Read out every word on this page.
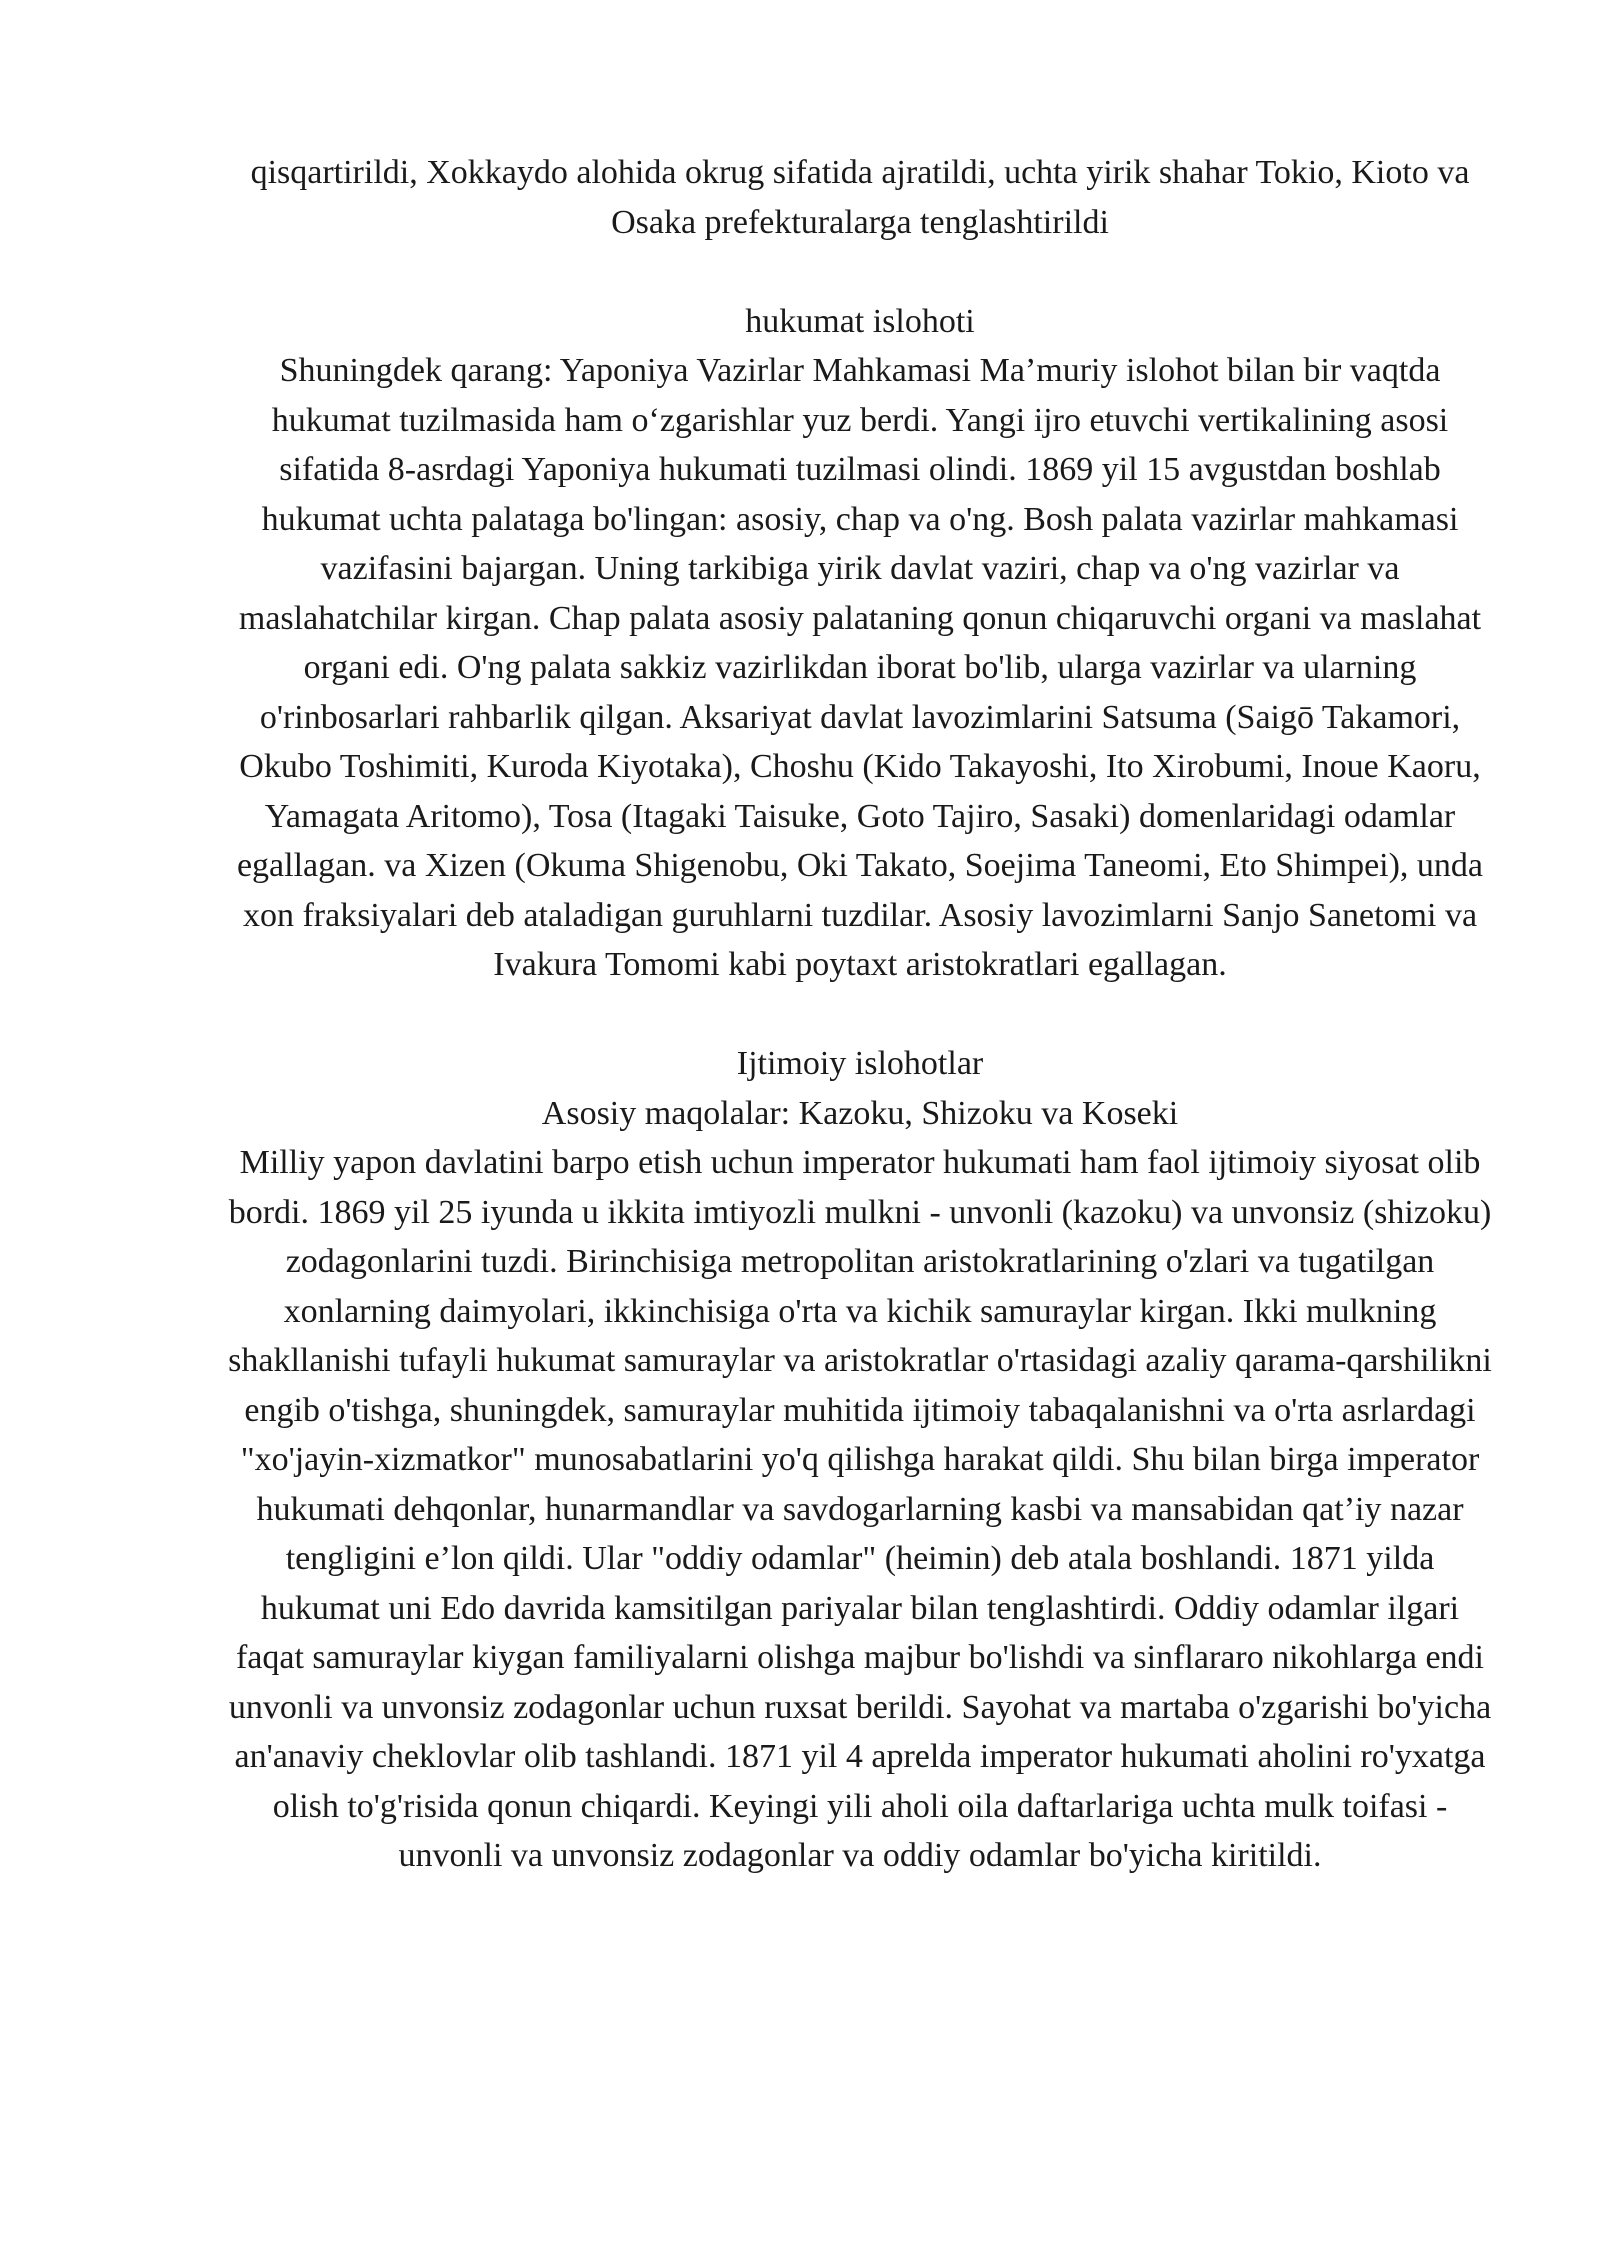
qisqartirildi, Xokkaydo alohida okrug sifatida ajratildi, uchta yirik shahar Tokio, Kioto va Osaka prefekturalarga tenglashtirildi

hukumat islohoti

Shuningdek qarang: Yaponiya Vazirlar Mahkamasi Ma’muriy islohot bilan bir vaqtda hukumat tuzilmasida ham o‘zgarishlar yuz berdi. Yangi ijro etuvchi vertikalining asosi sifatida 8-asrdagi Yaponiya hukumati tuzilmasi olindi. 1869 yil 15 avgustdan boshlab hukumat uchta palataga bo'lingan: asosiy, chap va o'ng. Bosh palata vazirlar mahkamasi vazifasini bajargan. Uning tarkibiga yirik davlat vaziri, chap va o'ng vazirlar va maslahatchilar kirgan. Chap palata asosiy palataning qonun chiqaruvchi organi va maslahat organi edi. O'ng palata sakkiz vazirlikdan iborat bo'lib, ularga vazirlar va ularning o'rinbosarlari rahbarlik qilgan. Aksariyat davlat lavozimlarini Satsuma (Saigō Takamori, Okubo Toshimiti, Kuroda Kiyotaka), Choshu (Kido Takayoshi, Ito Xirobumi, Inoue Kaoru, Yamagata Aritomo), Tosa (Itagaki Taisuke, Goto Tajiro, Sasaki) domenlaridagi odamlar egallagan. va Xizen (Okuma Shigenobu, Oki Takato, Soejima Taneomi, Eto Shimpei), unda xon fraksiyalari deb ataladigan guruhlarni tuzdilar. Asosiy lavozimlarni Sanjo Sanetomi va Ivakura Tomomi kabi poytaxt aristokratlari egallagan.

Ijtimoiy islohotlar

Asosiy maqolalar: Kazoku, Shizoku va Koseki

Milliy yapon davlatini barpo etish uchun imperator hukumati ham faol ijtimoiy siyosat olib bordi. 1869 yil 25 iyunda u ikkita imtiyozli mulkni - unvonli (kazoku) va unvonsiz (shizoku) zodagonlarini tuzdi. Birinchisiga metropolitan aristokratlarining o'zlari va tugatilgan xonlarning daimyolari, ikkinchisiga o'rta va kichik samuraylar kirgan. Ikki mulkning shakllanishi tufayli hukumat samuraylar va aristokratlar o'rtasidagi azaliy qarama-qarshilikni engib o'tishga, shuningdek, samuraylar muhitida ijtimoiy tabaqalanishni va o'rta asrlardagi "xo'jayin-xizmatkor" munosabatlarini yo'q qilishga harakat qildi. Shu bilan birga imperator hukumati dehqonlar, hunarmandlar va savdogarlarning kasbi va mansabidan qat’iy nazar tengligini e’lon qildi. Ular "oddiy odamlar" (heimin) deb atala boshlandi. 1871 yilda hukumat uni Edo davrida kamsitilgan pariyalar bilan tenglashtirdi. Oddiy odamlar ilgari faqat samuraylar kiygan familiyalarni olishga majbur bo'lishdi va sinflararo nikohlarga endi unvonli va unvonsiz zodagonlar uchun ruxsat berildi. Sayohat va martaba o'zgarishi bo'yicha an'anaviy cheklovlar olib tashlandi. 1871 yil 4 aprelda imperator hukumati aholini ro'yxatga olish to'g'risida qonun chiqardi. Keyingi yili aholi oila daftarlariga uchta mulk toifasi - unvonli va unvonsiz zodagonlar va oddiy odamlar bo'yicha kiritildi.
